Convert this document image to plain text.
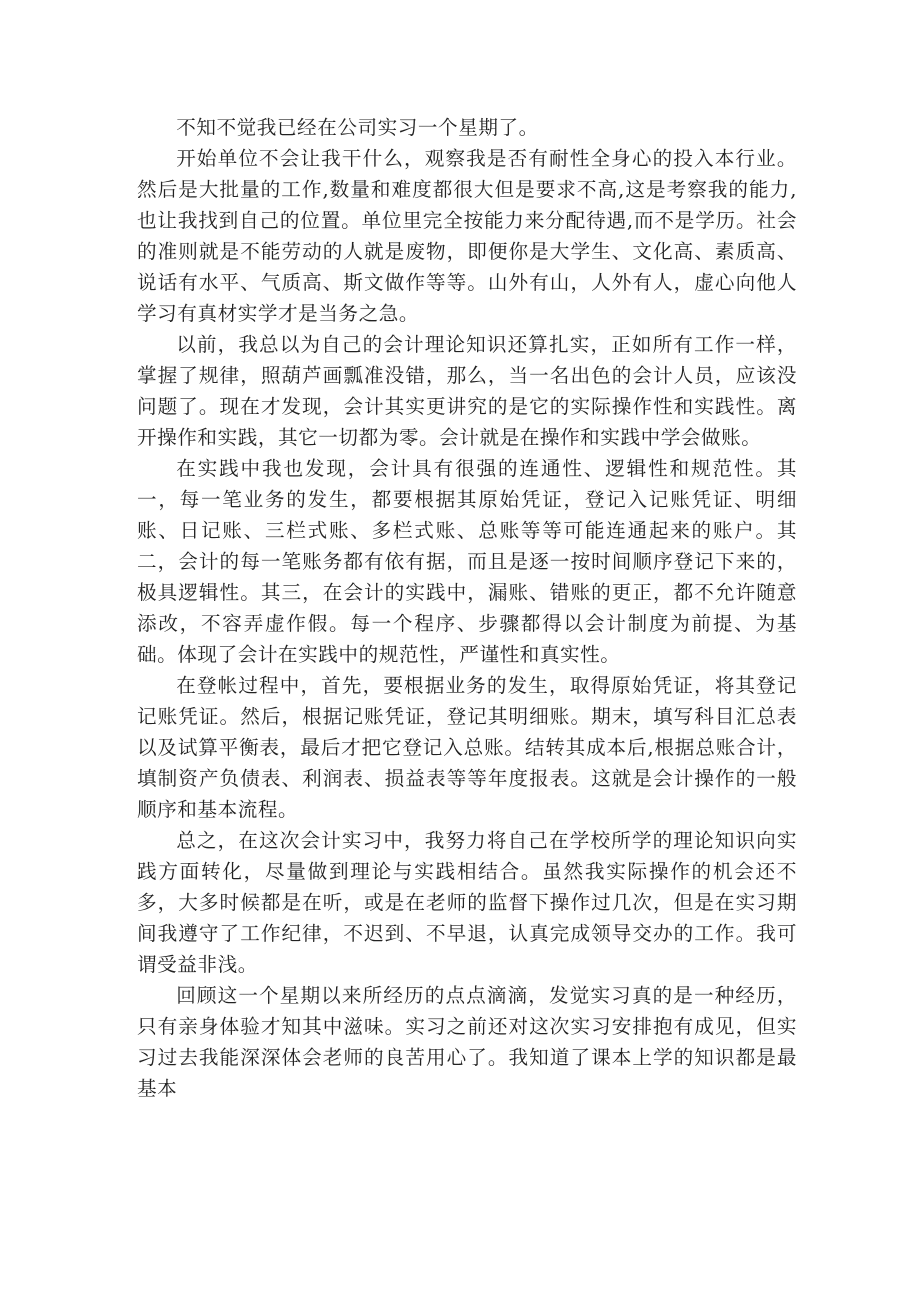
不知不觉我已经在公司实习一个星期了。

开始单位不会让我干什么，观察我是否有耐性全身心的投入本行业。然后是大批量的工作,数量和难度都很大但是要求不高,这是考察我的能力,也让我找到自己的位置。单位里完全按能力来分配待遇,而不是学历。社会的准则就是不能劳动的人就是废物，即便你是大学生、文化高、素质高、说话有水平、气质高、斯文做作等等。山外有山，人外有人，虚心向他人学习有真材实学才是当务之急。

以前，我总以为自己的会计理论知识还算扎实，正如所有工作一样，掌握了规律，照葫芦画瓢准没错，那么，当一名出色的会计人员，应该没问题了。现在才发现，会计其实更讲究的是它的实际操作性和实践性。离开操作和实践，其它一切都为零。会计就是在操作和实践中学会做账。

在实践中我也发现，会计具有很强的连通性、逻辑性和规范性。其一，每一笔业务的发生，都要根据其原始凭证，登记入记账凭证、明细账、日记账、三栏式账、多栏式账、总账等等可能连通起来的账户。其二，会计的每一笔账务都有依有据，而且是逐一按时间顺序登记下来的，极具逻辑性。其三，在会计的实践中，漏账、错账的更正，都不允许随意添改，不容弄虚作假。每一个程序、步骤都得以会计制度为前提、为基础。体现了会计在实践中的规范性，严谨性和真实性。

在登帐过程中，首先，要根据业务的发生，取得原始凭证，将其登记记账凭证。然后，根据记账凭证，登记其明细账。期末，填写科目汇总表以及试算平衡表，最后才把它登记入总账。结转其成本后,根据总账合计，填制资产负债表、利润表、损益表等等年度报表。这就是会计操作的一般顺序和基本流程。

总之，在这次会计实习中，我努力将自己在学校所学的理论知识向实践方面转化，尽量做到理论与实践相结合。虽然我实际操作的机会还不多，大多时候都是在听，或是在老师的监督下操作过几次，但是在实习期间我遵守了工作纪律，不迟到、不早退，认真完成领导交办的工作。我可谓受益非浅。

回顾这一个星期以来所经历的点点滴滴，发觉实习真的是一种经历，只有亲身体验才知其中滋味。实习之前还对这次实习安排抱有成见，但实习过去我能深深体会老师的良苦用心了。我知道了课本上学的知识都是最基本
